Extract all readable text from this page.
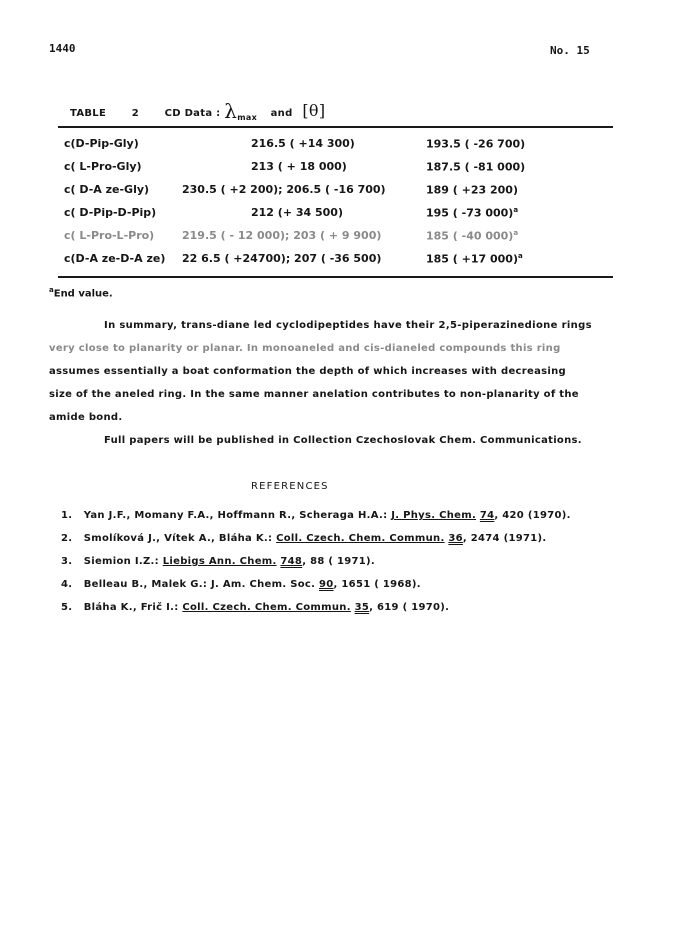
1440	No. 15
TABLE	2	CD Data : $\lambda_{max}$ and [θ]
c(D-Pip-Gly)	216.5 ( +14 300)	193.5 ( -26 700)
c( L-Pro-Gly)	213 ( + 18 000)	187.5 ( -81 000)
c( D-A ze-Gly)	230.5 ( +2 200); 206.5 ( -16 700)	189 ( +23 200)
c( D-Pip-D-Pip)	212 (+ 34 500)	195 ( -73 000)$^a$
c( L-Pro-L-Pro)	219.5 ( - 12 000); 203 ( + 9 900)	185 ( -40 000)$^a$
c(D-A ze-D-A ze) 22 6.5 ( +24700); 207 ( -36 500)	185 ( +17 000)$^a$
$^a$End value.
In summary, trans-diane led cyclodipeptides have their 2,5-piperazinedione rings
very close to planarity or planar. In monoaneled and cis-dianeled compounds this ring
assumes essentially a boat conformation the depth of which increases with decreasing
size of the aneled ring. In the same manner anelation contributes to non-planarity of the
amide bond.
Full papers will be published in Collection Czechoslovak Chem. Communications.
REFERENCES
1. Yan J.F., Momany F.A., Hoffmann R., Scheraga H.A.: J. Phys. Chem. 74, 420 (1970).
2. Smolíková J., Vítek A., Bláha K.: Coll. Czech. Chem. Commun. 36, 2474 (1971).
3. Siemion I.Z.: Liebigs Ann. Chem. 748, 88 ( 1971).
4. Belleau B., Malek G.: J. Am. Chem. Soc. 90, 1651 ( 1968).
5. Bláha K., Frič I.: Coll. Czech. Chem. Commun. 35, 619 ( 1970).
